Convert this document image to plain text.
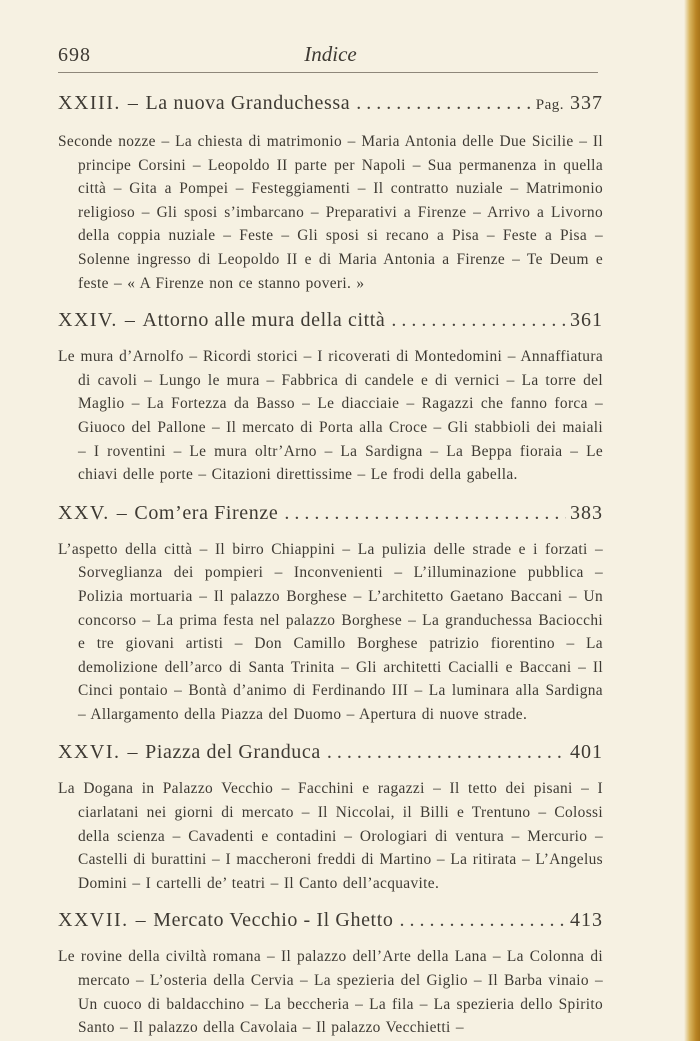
698	Indice
XXIII. – La nuova Granduchessa . . .	Pag. 337
Seconde nozze – La chiesta di matrimonio – Maria Antonia delle Due Sicilie – Il principe Corsini – Leopoldo II parte per Napoli – Sua permanenza in quella città – Gita a Pompei – Festeggiamenti – Il contratto nuziale – Matrimonio religioso – Gli sposi s’imbarcano – Preparativi a Firenze – Arrivo a Livorno della coppia nuziale – Feste – Gli sposi si recano a Pisa – Feste a Pisa – Solenne ingresso di Leopoldo II e di Maria Antonia a Firenze – Te Deum e feste – « A Firenze non ce stanno poveri. »
XXIV. – Attorno alle mura della città . . .	361
Le mura d’Arnolfo – Ricordi storici – I ricoverati di Montedomini – Annaffiatura di cavoli – Lungo le mura – Fabbrica di candele e di vernici – La torre del Maglio – La Fortezza da Basso – Le diacciaie – Ragazzi che fanno forca – Giuoco del Pallone – Il mercato di Porta alla Croce – Gli stabbioli dei maiali – I roventini – Le mura oltr’Arno – La Sardigna – La Beppa fioraia – Le chiavi delle porte – Citazioni direttissime – Le frodi della gabella.
XXV. – Com’era Firenze . . .	383
L’aspetto della città – Il birro Chiappini – La pulizia delle strade e i forzati – Sorveglianza dei pompieri – Inconvenienti – L’illuminazione pubblica – Polizia mortuaria – Il palazzo Borghese – L’architetto Gaetano Baccani – Un concorso – La prima festa nel palazzo Borghese – La granduchessa Baciocchi e tre giovani artisti – Don Camillo Borghese patrizio fiorentino – La demolizione dell’arco di Santa Trinita – Gli architetti Cacialli e Baccani – Il Cinci pontaio – Bontà d’animo di Ferdinando III – La luminara alla Sardigna – Allargamento della Piazza del Duomo – Apertura di nuove strade.
XXVI. – Piazza del Granduca . . .	401
La Dogana in Palazzo Vecchio – Facchini e ragazzi – Il tetto dei pisani – I ciarlatani nei giorni di mercato – Il Niccolai, il Billi e Trentuno – Colossi della scienza – Cavadenti e contadini – Orologiari di ventura – Mercurio – Castelli di burattini – I maccheroni freddi di Martino – La ritirata – L’Angelus Domini – I cartelli de’ teatri – Il Canto dell’acquavite.
XXVII. – Mercato Vecchio - Il Ghetto . . .	413
Le rovine della civiltà romana – Il palazzo dell’Arte della Lana – La Colonna di mercato – L’osteria della Cervia – La spezieria del Giglio – Il Barba vinaio – Un cuoco di baldacchino – La beccheria – La fila – La spezieria dello Spirito Santo – Il palazzo della Cavolaia – Il palazzo Vecchietti –
